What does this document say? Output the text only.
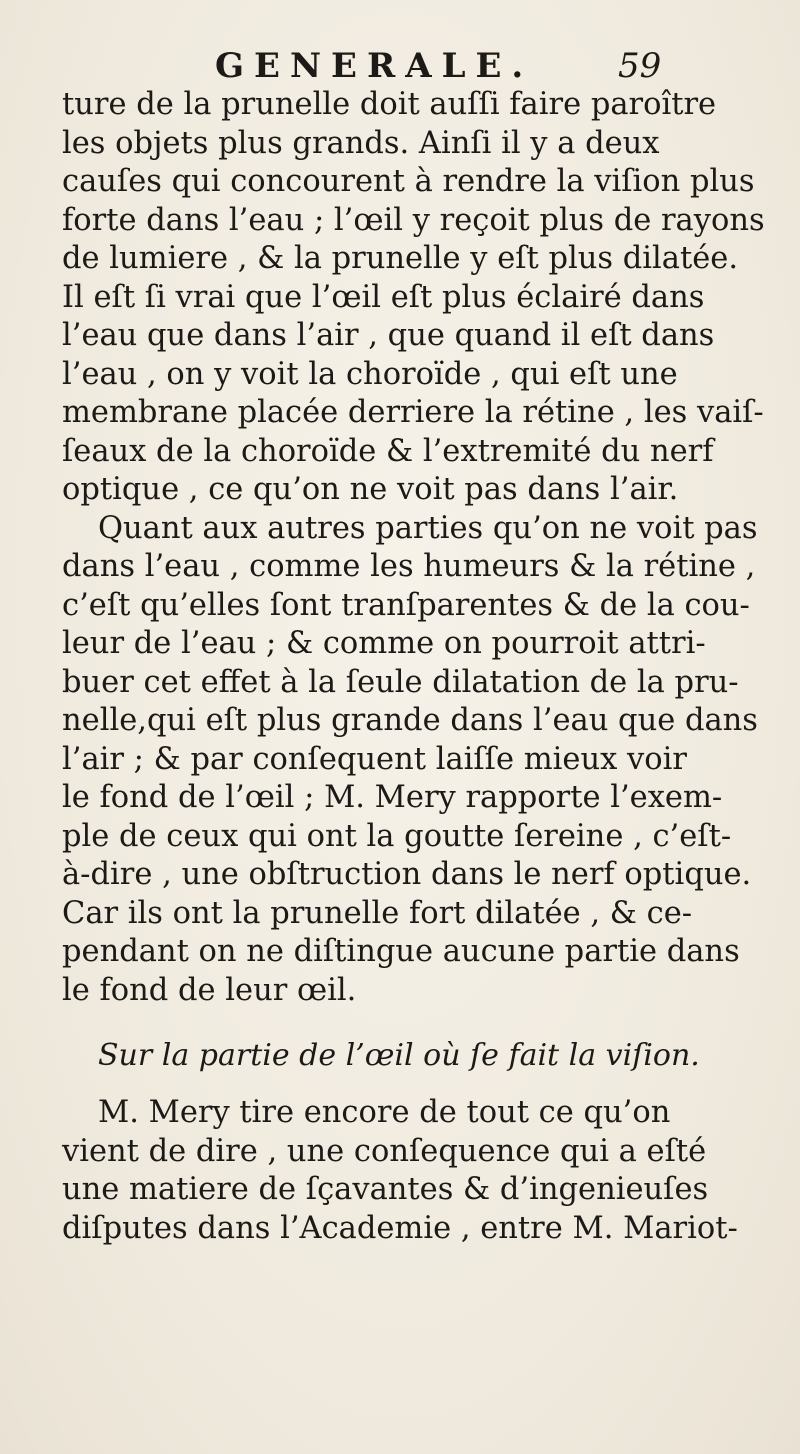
GENERALE. 59
ture de la prunelle doit auſſi faire paroître
les objets plus grands. Ainſi il y a deux
cauſes qui concourent à rendre la viſion plus
forte dans l’eau ; l’œil y reçoit plus de rayons
de lumiere , & la prunelle y eſt plus dilatée.
Il eſt ſi vrai que l’œil eſt plus éclairé dans
l’eau que dans l’air , que quand il eſt dans
l’eau , on y voit la choroïde , qui eſt une
membrane placée derriere la rétine , les vaiſ-
ſeaux de la choroïde & l’extremité du nerf
optique , ce qu’on ne voit pas dans l’air.
Quant aux autres parties qu’on ne voit pas
dans l’eau , comme les humeurs & la rétine ,
c’eſt qu’elles ſont tranſparentes & de la cou-
leur de l’eau ; & comme on pourroit attri-
buer cet effet à la ſeule dilatation de la pru-
nelle,qui eſt plus grande dans l’eau que dans
l’air ; & par conſequent laiſſe mieux voir
le fond de l’œil ; M. Mery rapporte l’exem-
ple de ceux qui ont la goutte ſereine , c’eſt-
à-dire , une obſtruction dans le nerf optique.
Car ils ont la prunelle fort dilatée , & ce-
pendant on ne diſtingue aucune partie dans
le fond de leur œil.
Sur la partie de l’œil où ſe fait la viſion.
M. Mery tire encore de tout ce qu’on
vient de dire , une conſequence qui a eſté
une matiere de ſçavantes & d’ingenieuſes
diſputes dans l’Academie , entre M. Mariot-
